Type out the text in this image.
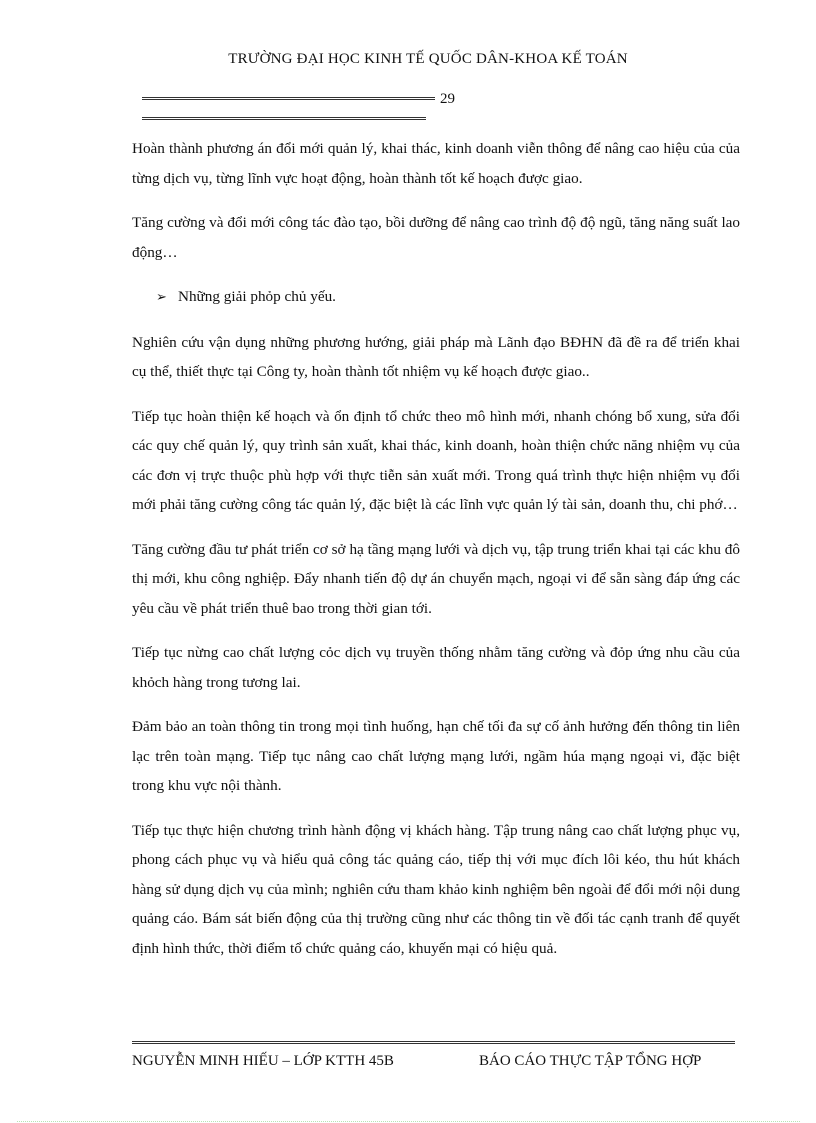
TRƯỜNG ĐẠI HỌC KINH TẾ QUỐC DÂN-KHOA KẾ TOÁN
29

Hoàn thành phương án đổi mới quản lý, khai thác, kinh doanh viễn thông để nâng cao hiệu của của từng dịch vụ, từng lĩnh vực hoạt động, hoàn thành tốt kế hoạch được giao.

Tăng cường và đổi mới công tác đào tạo, bồi dưỡng để nâng cao trình độ độ ngũ, tăng năng suất lao động…

➢ Những giải phỏp chủ yếu.

Nghiên cứu vận dụng những phương hướng, giải pháp mà Lãnh đạo BĐHN đã đề ra để triển khai cụ thể, thiết thực tại Công ty, hoàn thành tốt nhiệm vụ kế hoạch được giao..

Tiếp tục hoàn thiện kế hoạch và ổn định tổ chức theo mô hình mới, nhanh chóng bổ xung, sửa đổi các quy chế quản lý, quy trình sản xuất, khai thác, kinh doanh, hoàn thiện chức năng nhiệm vụ của các đơn vị trực thuộc phù hợp với thực tiễn sản xuất mới. Trong quá trình thực hiện nhiệm vụ đổi mới phải tăng cường công tác quản lý, đặc biệt là các lĩnh vực quản lý tài sản, doanh thu, chi phớ…

Tăng cường đầu tư phát triển cơ sở hạ tầng mạng lưới và dịch vụ, tập trung triển khai tại các khu đô thị mới, khu công nghiệp. Đẩy nhanh tiến độ dự án chuyển mạch, ngoại vi để sẵn sàng đáp ứng các yêu cầu về phát triển thuê bao trong thời gian tới.

Tiếp tục nừng cao chất lượng cỏc dịch vụ truyền thống nhằm tăng cường và đỏp ứng nhu cầu của khỏch hàng trong tương lai.

Đảm bảo an toàn thông tin trong mọi tình huống, hạn chế tối đa sự cố ảnh hưởng đến thông tin liên lạc trên toàn mạng. Tiếp tục nâng cao chất lượng mạng lưới, ngầm húa mạng ngoại vi, đặc biệt trong khu vực nội thành.

Tiếp tục thực hiện chương trình hành động vị khách hàng. Tập trung nâng cao chất lượng phục vụ, phong cách phục vụ và hiểu quả công tác quảng cáo, tiếp thị với mục đích lôi kéo, thu hút khách hàng sử dụng dịch vụ của mình; nghiên cứu tham khảo kinh nghiệm bên ngoài để đổi mới nội dung quảng cáo. Bám sát biến động của thị trường cũng như các thông tin về đối tác cạnh tranh để quyết định hình thức, thời điểm tổ chức quảng cáo, khuyến mại có hiệu quả.

NGUYỄN MINH HIẾU – LỚP KTTH 45B	BÁO CÁO THỰC TẬP TỔNG HỢP
